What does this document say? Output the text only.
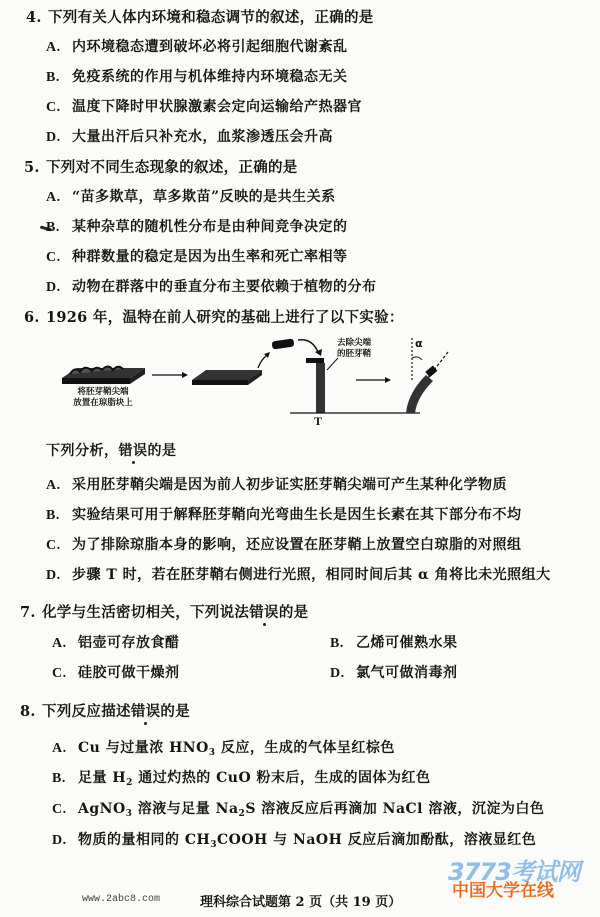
4. 下列有关人体内环境和稳态调节的叙述，正确的是
A. 内环境稳态遭到破坏必将引起细胞代谢紊乱
B. 免疫系统的作用与机体维持内环境稳态无关
C. 温度下降时甲状腺激素会定向运输给产热器官
D. 大量出汗后只补充水，血浆渗透压会升高
5. 下列对不同生态现象的叙述，正确的是
A. “苗多欺草，草多欺苗”反映的是共生关系
B. 某种杂草的随机性分布是由种间竞争决定的
C. 种群数量的稳定是因为出生率和死亡率相等
D. 动物在群落中的垂直分布主要依赖于植物的分布
6. 1926 年，温特在前人研究的基础上进行了以下实验：
将胚芽鞘尖端
放置在琼脂块上
去除尖端
的胚芽鞘
T
α
下列分析，错误的是
A. 采用胚芽鞘尖端是因为前人初步证实胚芽鞘尖端可产生某种化学物质
B. 实验结果可用于解释胚芽鞘向光弯曲生长是因生长素在其下部分布不均
C. 为了排除琼脂本身的影响，还应设置在胚芽鞘上放置空白琼脂的对照组
D. 步骤 T 时，若在胚芽鞘右侧进行光照，相同时间后其 α 角将比未光照组大
7. 化学与生活密切相关，下列说法错误的是
A. 铝壶可存放食醋	B. 乙烯可催熟水果
C. 硅胶可做干燥剂	D. 氯气可做消毒剂
8. 下列反应描述错误的是
A. Cu 与过量浓 $HNO_3$ 反应，生成的气体呈红棕色
B. 足量 $H_2$ 通过灼热的 CuO 粉末后，生成的固体为红色
C. AgNO$_3$ 溶液与足量 $Na_2S$ 溶液反应后再滴加 NaCl 溶液，沉淀为白色
D. 物质的量相同的 $CH_3COOH$ 与 NaOH 反应后滴加酚酞，溶液显红色
www.2abc8.com	理科综合试题第 2 页（共 19 页）
3773考试网
中国大学在线
